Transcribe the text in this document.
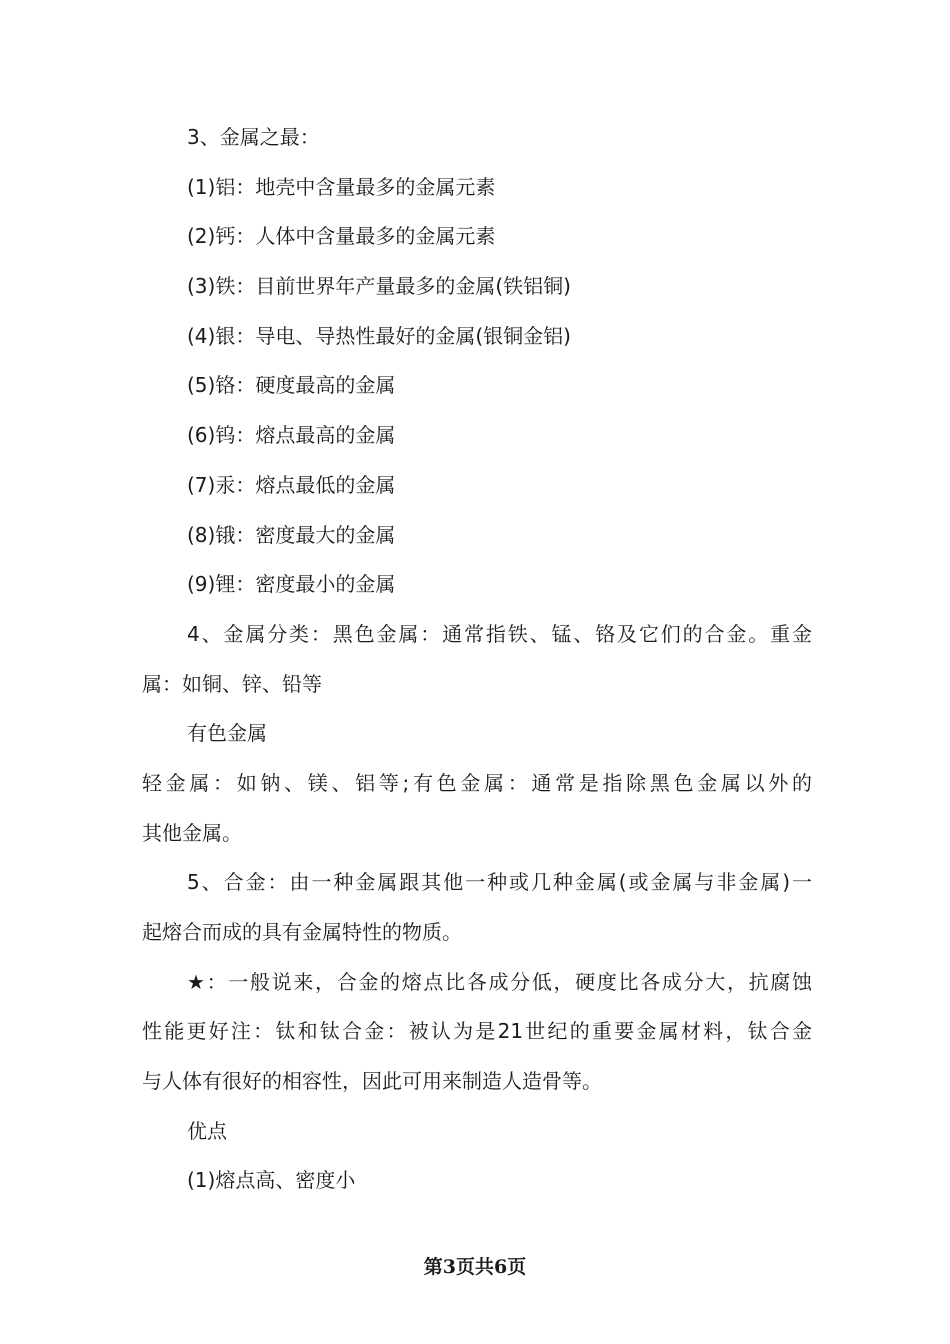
3、金属之最：
(1)铝：地壳中含量最多的金属元素
(2)钙：人体中含量最多的金属元素
(3)铁：目前世界年产量最多的金属(铁铝铜)
(4)银：导电、导热性最好的金属(银铜金铝)
(5)铬：硬度最高的金属
(6)钨：熔点最高的金属
(7)汞：熔点最低的金属
(8)锇：密度最大的金属
(9)锂：密度最小的金属
4、金属分类：黑色金属：通常指铁、锰、铬及它们的合金。重金
属：如铜、锌、铅等
有色金属
轻金属：如钠、镁、铝等;有色金属：通常是指除黑色金属以外的
其他金属。
5、合金：由一种金属跟其他一种或几种金属(或金属与非金属)一
起熔合而成的具有金属特性的物质。
★：一般说来，合金的熔点比各成分低，硬度比各成分大，抗腐蚀
性能更好注：钛和钛合金：被认为是21世纪的重要金属材料，钛合金
与人体有很好的相容性，因此可用来制造人造骨等。
优点
(1)熔点高、密度小
第3页共6页
